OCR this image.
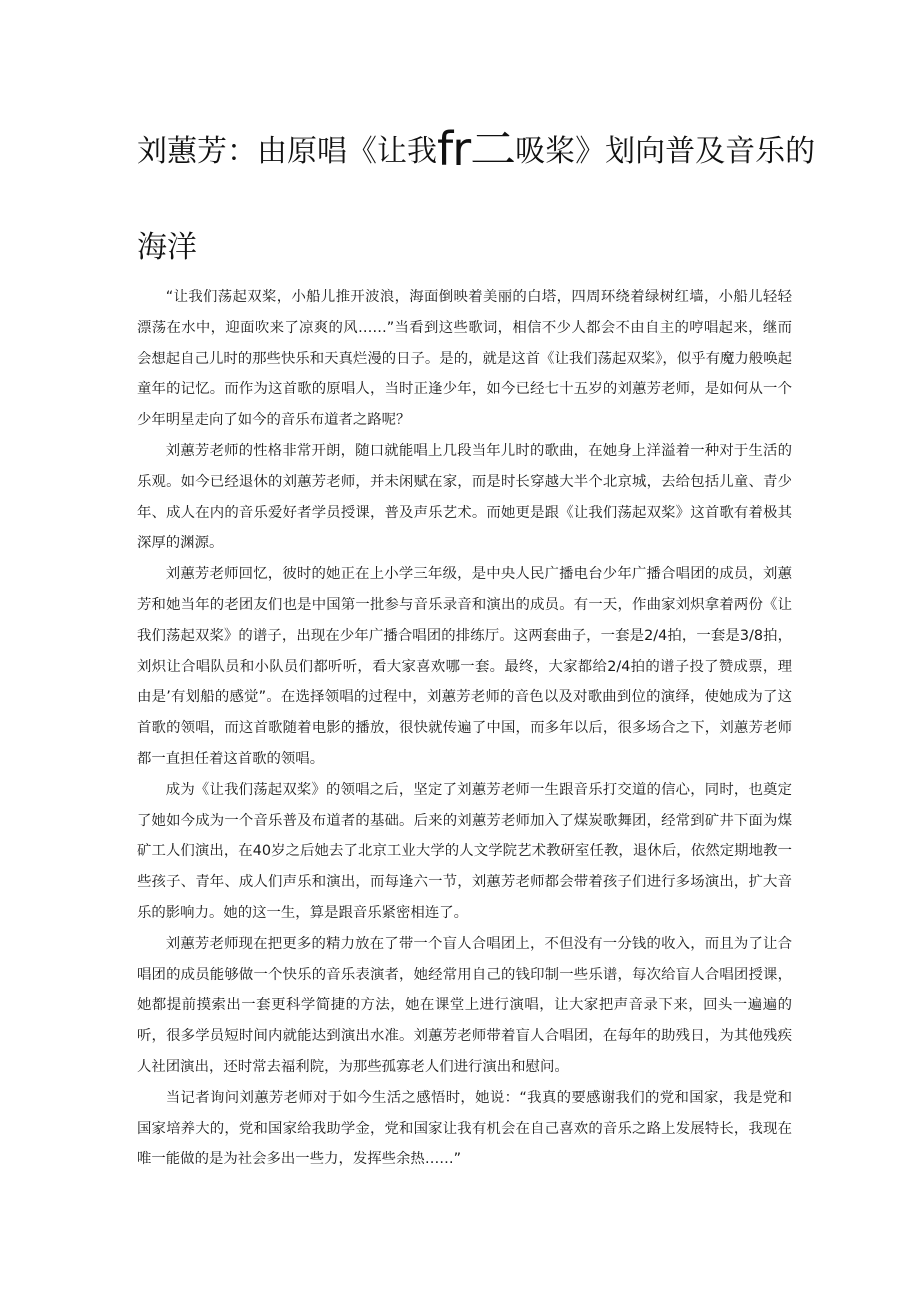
刘蕙芳：由原唱《让我fr二吸桨》划向普及音乐的
海洋

“让我们荡起双桨，小船儿推开波浪，海面倒映着美丽的白塔，四周环绕着绿树红墙，小船儿轻轻漂荡在水中，迎面吹来了凉爽的风……”当看到这些歌词，相信不少人都会不由自主的哼唱起来，继而会想起自己儿时的那些快乐和天真烂漫的日子。是的，就是这首《让我们荡起双桨》，似乎有魔力般唤起童年的记忆。而作为这首歌的原唱人，当时正逢少年，如今已经七十五岁的刘蕙芳老师，是如何从一个少年明星走向了如今的音乐布道者之路呢？

刘蕙芳老师的性格非常开朗，随口就能唱上几段当年儿时的歌曲，在她身上洋溢着一种对于生活的乐观。如今已经退休的刘蕙芳老师，并未闲赋在家，而是时长穿越大半个北京城，去给包括儿童、青少年、成人在内的音乐爱好者学员授课，普及声乐艺术。而她更是跟《让我们荡起双桨》这首歌有着极其深厚的渊源。

刘蕙芳老师回忆，彼时的她正在上小学三年级，是中央人民广播电台少年广播合唱团的成员，刘蕙芳和她当年的老团友们也是中国第一批参与音乐录音和演出的成员。有一天，作曲家刘炽拿着两份《让我们荡起双桨》的谱子，出现在少年广播合唱团的排练厅。这两套曲子，一套是2/4拍，一套是3/8拍，刘炽让合唱队员和小队员们都听听，看大家喜欢哪一套。最终，大家都给2/4拍的谱子投了赞成票，理由是’有划船的感觉”。在选择领唱的过程中，刘蕙芳老师的音色以及对歌曲到位的演绎，使她成为了这首歌的领唱，而这首歌随着电影的播放，很快就传遍了中国，而多年以后，很多场合之下，刘蕙芳老师都一直担任着这首歌的领唱。

成为《让我们荡起双桨》的领唱之后，坚定了刘蕙芳老师一生跟音乐打交道的信心，同时，也奠定了她如今成为一个音乐普及布道者的基础。后来的刘蕙芳老师加入了煤炭歌舞团，经常到矿井下面为煤矿工人们演出，在40岁之后她去了北京工业大学的人文学院艺术教研室任教，退休后，依然定期地教一些孩子、青年、成人们声乐和演出，而每逢六一节，刘蕙芳老师都会带着孩子们进行多场演出，扩大音乐的影响力。她的这一生，算是跟音乐紧密相连了。

刘蕙芳老师现在把更多的精力放在了带一个盲人合唱团上，不但没有一分钱的收入，而且为了让合唱团的成员能够做一个快乐的音乐表演者，她经常用自己的钱印制一些乐谱，每次给盲人合唱团授课，她都提前摸索出一套更科学简捷的方法，她在课堂上进行演唱，让大家把声音录下来，回头一遍遍的听，很多学员短时间内就能达到演出水准。刘蕙芳老师带着盲人合唱团，在每年的助残日，为其他残疾人社团演出，还时常去福利院，为那些孤寡老人们进行演出和慰问。

当记者询问刘蕙芳老师对于如今生活之感悟时，她说：“我真的要感谢我们的党和国家，我是党和国家培养大的，党和国家给我助学金，党和国家让我有机会在自己喜欢的音乐之路上发展特长，我现在唯一能做的是为社会多出一些力，发挥些余热……”
